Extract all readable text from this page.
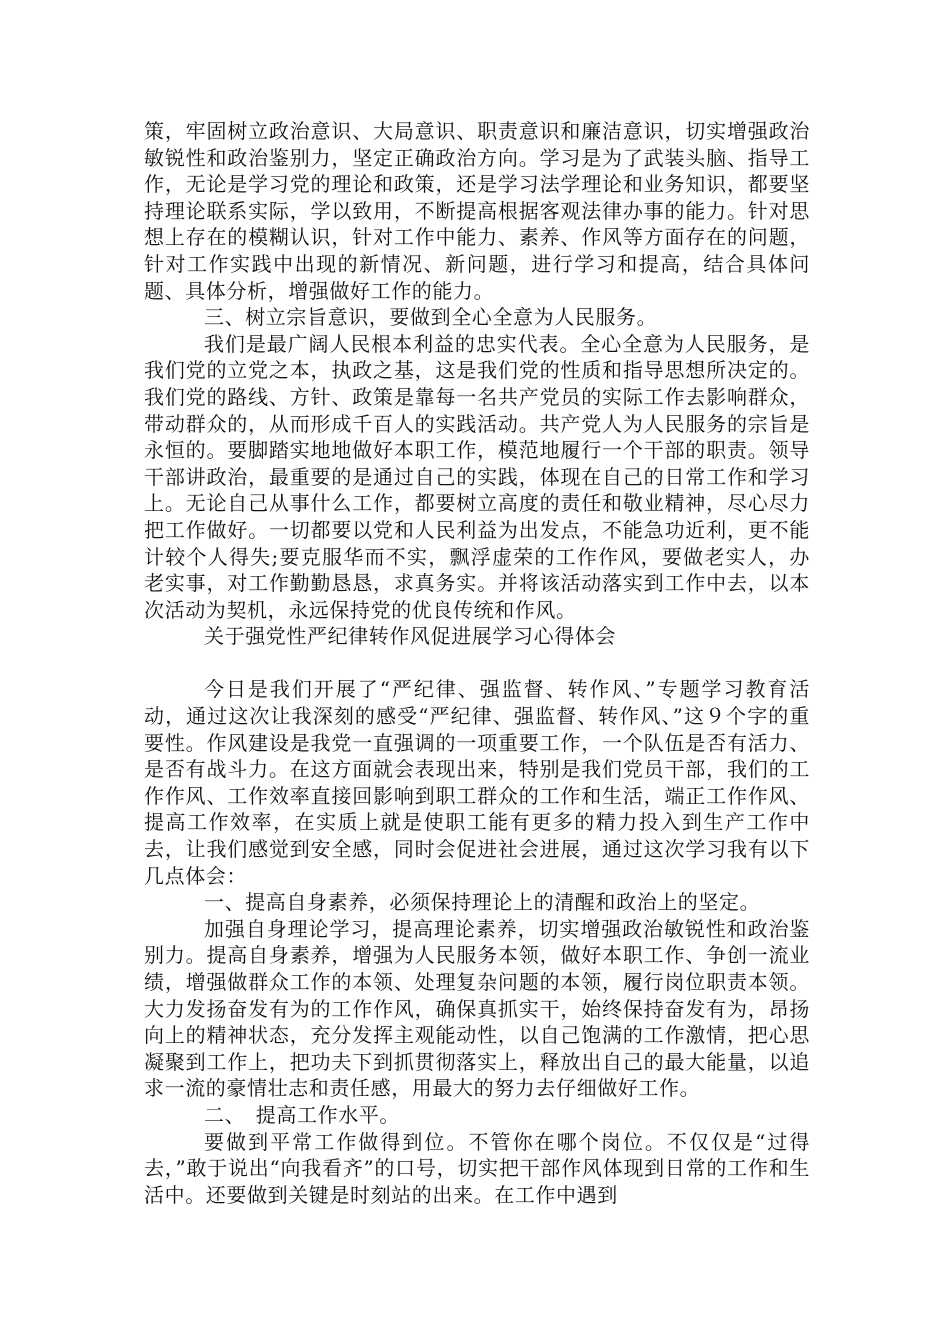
策，牢固树立政治意识、大局意识、职责意识和廉洁意识，切实增强政治敏锐性和政治鉴别力，坚定正确政治方向。学习是为了武装头脑、指导工作，无论是学习党的理论和政策，还是学习法学理论和业务知识，都要坚持理论联系实际，学以致用，不断提高根据客观法律办事的能力。针对思想上存在的模糊认识，针对工作中能力、素养、作风等方面存在的问题，针对工作实践中出现的新情况、新问题，进行学习和提高，结合具体问题、具体分析，增强做好工作的能力。

三、树立宗旨意识，要做到全心全意为人民服务。

我们是最广阔人民根本利益的忠实代表。全心全意为人民服务，是我们党的立党之本，执政之基，这是我们党的性质和指导思想所决定的。我们党的路线、方针、政策是靠每一名共产党员的实际工作去影响群众，带动群众的，从而形成千百人的实践活动。共产党人为人民服务的宗旨是永恒的。要脚踏实地地做好本职工作，模范地履行一个干部的职责。领导干部讲政治，最重要的是通过自己的实践，体现在自己的日常工作和学习上。无论自己从事什么工作，都要树立高度的责任和敬业精神，尽心尽力把工作做好。一切都要以党和人民利益为出发点，不能急功近利，更不能计较个人得失;要克服华而不实，飘浮虚荣的工作作风，要做老实人，办老实事，对工作勤勤恳恳，求真务实。并将该活动落实到工作中去，以本次活动为契机，永远保持党的优良传统和作风。

关于强党性严纪律转作风促进展学习心得体会

今日是我们开展了“严纪律、强监督、转作风、”专题学习教育活动，通过这次让我深刻的感受“严纪律、强监督、转作风、”这９个字的重要性。作风建设是我党一直强调的一项重要工作，一个队伍是否有活力、是否有战斗力。在这方面就会表现出来，特别是我们党员干部，我们的工作作风、工作效率直接回影响到职工群众的工作和生活，端正工作作风、提高工作效率，在实质上就是使职工能有更多的精力投入到生产工作中去，让我们感觉到安全感，同时会促进社会进展，通过这次学习我有以下几点体会：

一、提高自身素养，必须保持理论上的清醒和政治上的坚定。

加强自身理论学习，提高理论素养，切实增强政治敏锐性和政治鉴别力。提高自身素养，增强为人民服务本领，做好本职工作、争创一流业绩，增强做群众工作的本领、处理复杂问题的本领，履行岗位职责本领。大力发扬奋发有为的工作作风，确保真抓实干，始终保持奋发有为，昂扬向上的精神状态，充分发挥主观能动性，以自己饱满的工作激情，把心思凝聚到工作上，把功夫下到抓贯彻落实上，释放出自己的最大能量，以追求一流的豪情壮志和责任感，用最大的努力去仔细做好工作。

二、　提高工作水平。

要做到平常工作做得到位。不管你在哪个岗位。不仅仅是“过得去，”敢于说出“向我看齐”的口号，切实把干部作风体现到日常的工作和生活中。还要做到关键是时刻站的出来。在工作中遇到
